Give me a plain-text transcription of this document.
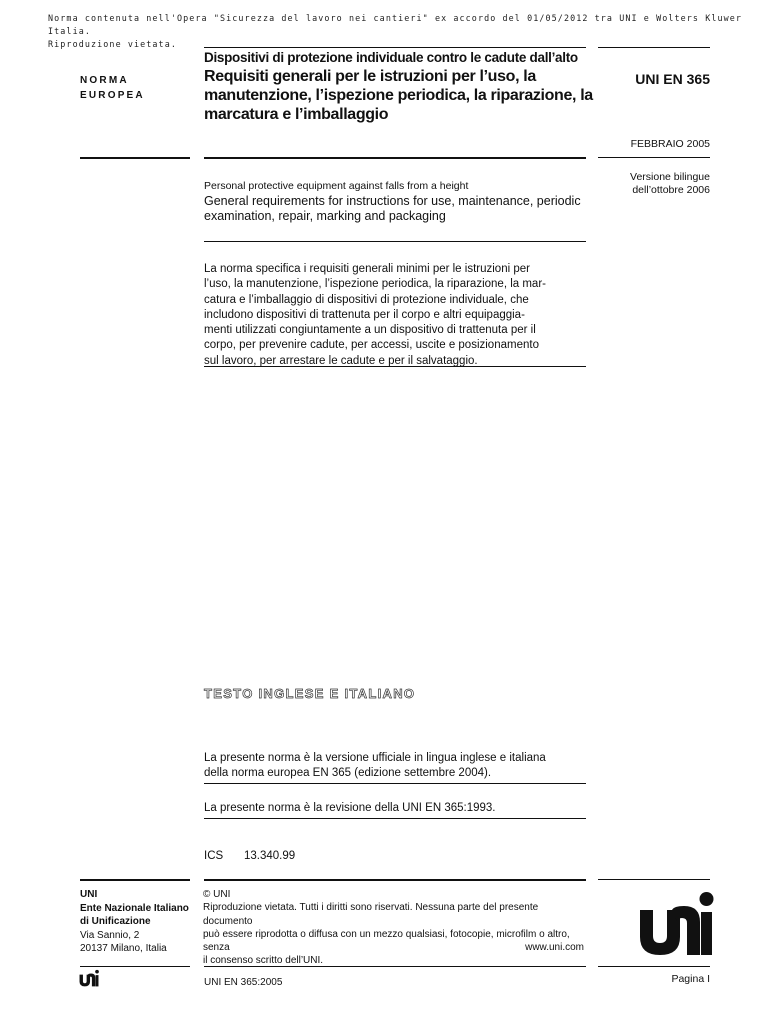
Norma contenuta nell'Opera "Sicurezza del lavoro nei cantieri" ex accordo del 01/05/2012 tra UNI e Wolters Kluwer Italia.
Riproduzione vietata.
NORMA
EUROPEA
Dispositivi di protezione individuale contro le cadute dall’alto
Requisiti generali per le istruzioni per l’uso, la
manutenzione, l’ispezione periodica, la riparazione, la
marcatura e l’imballaggio
UNI EN 365
FEBBRAIO 2005
Versione bilingue
dell’ottobre 2006
Personal protective equipment against falls from a height
General requirements for instructions for use, maintenance, periodic
examination, repair, marking and packaging
La norma specifica i requisiti generali minimi per le istruzioni per
l’uso, la manutenzione, l’ispezione periodica, la riparazione, la mar-
catura e l’imballaggio di dispositivi di protezione individuale, che
includono dispositivi di trattenuta per il corpo e altri equipaggia-
menti utilizzati congiuntamente a un dispositivo di trattenuta per il
corpo, per prevenire cadute, per accessi, uscite e posizionamento
sul lavoro, per arrestare le cadute e per il salvataggio.
TESTO INGLESE E ITALIANO
La presente norma è la versione ufficiale in lingua inglese e italiana
della norma europea EN 365 (edizione settembre 2004).
La presente norma è la revisione della UNI EN 365:1993.
ICS 13.340.99
UNI
Ente Nazionale Italiano
di Unificazione
Via Sannio, 2
20137 Milano, Italia
© UNI
Riproduzione vietata. Tutti i diritti sono riservati. Nessuna parte del presente documento
può essere riprodotta o diffusa con un mezzo qualsiasi, fotocopie, microfilm o altro, senza
il consenso scritto dell’UNI.
www.uni.com
UNI EN 365:2005	Pagina I
